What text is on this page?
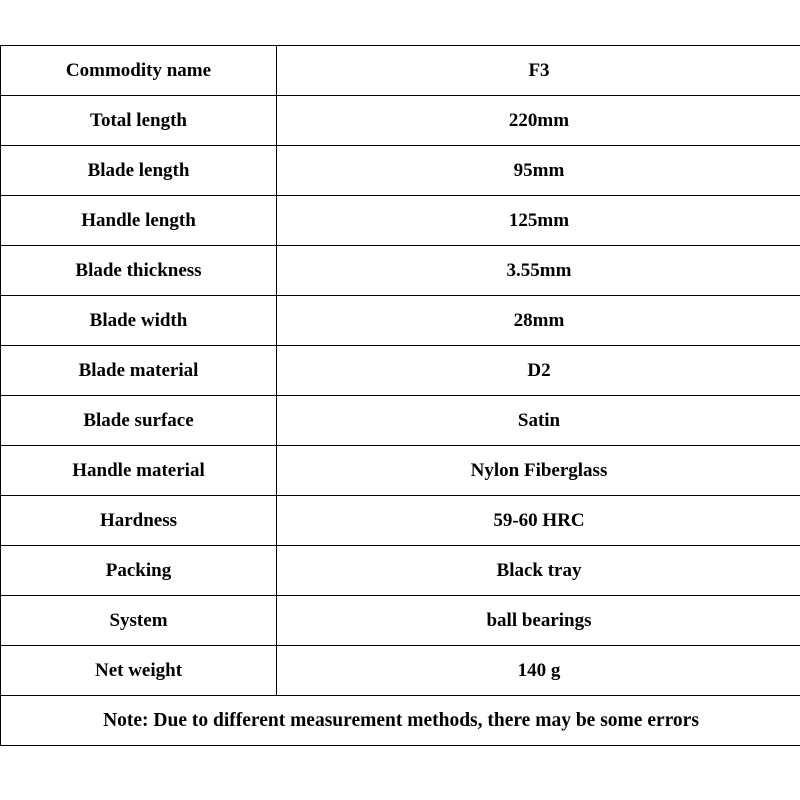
Commodity name	F3
Total length	220mm
Blade length	95mm
Handle length	125mm
Blade thickness	3.55mm
Blade width	28mm
Blade material	D2
Blade surface	Satin
Handle material	Nylon Fiberglass
Hardness	59-60 HRC
Packing	Black tray
System	ball bearings
Net weight	140 g
Note: Due to different measurement methods, there may be some errors	
